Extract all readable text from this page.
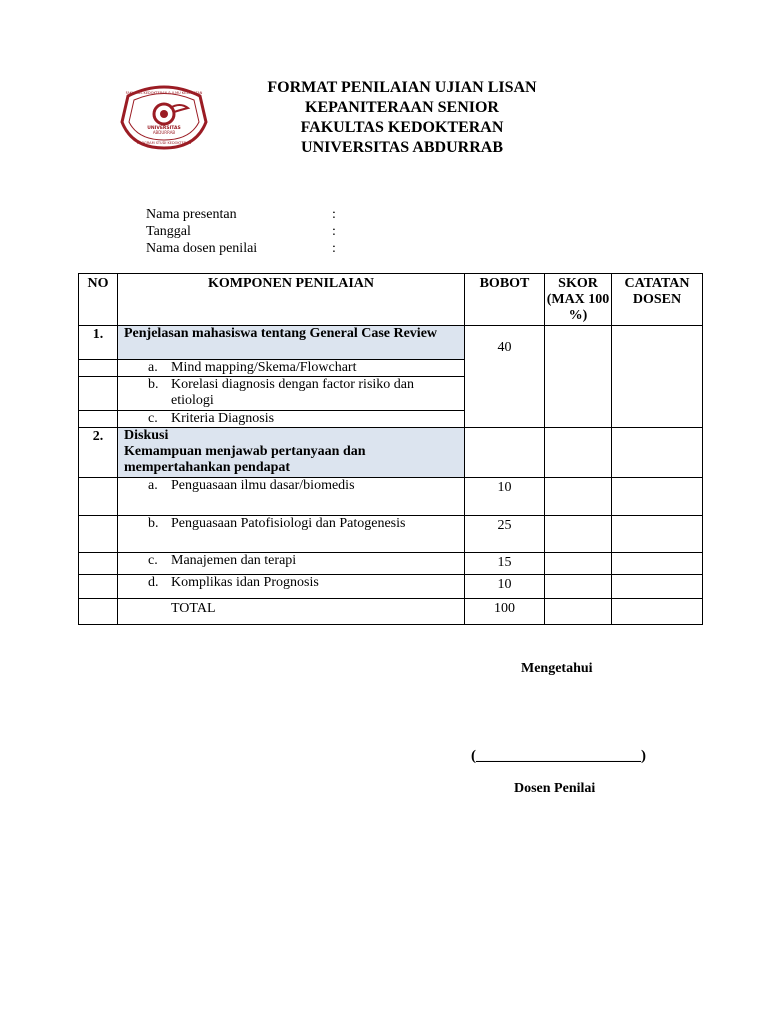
FAKULTAS KEDOKTERAN & ILMU KESEHATAN
UNIVERSITAS
ABDURRAB
PROGRAM STUDI KEDOKTERAN
FORMAT PENILAIAN UJIAN LISAN
KEPANITERAAN SENIOR
FAKULTAS KEDOKTERAN
UNIVERSITAS ABDURRAB
Nama presentan	:
Tanggal	:
Nama dosen penilai	:
NO	KOMPONEN PENILAIAN	BOBOT	SKOR (MAX 100 %)	CATATAN DOSEN
1.	Penjelasan mahasiswa tentang General Case Review	40		

	a. Mind mapping/Skema/Flowchart			

	b. Korelasi diagnosis dengan factor risiko dan etiologi			

	c. Kriteria Diagnosis			

2.	Diskusi
Kemampuan menjawab pertanyaan dan mempertahankan pendapat			

	a. Penguasaan ilmu dasar/biomedis	10		

	b. Penguasaan Patofisiologi dan Patogenesis	25		

	c. Manajemen dan terapi	15		

	d. Komplikas idan Prognosis	10		
	TOTAL	100		
Mengetahui
(______________________)
Dosen Penilai
